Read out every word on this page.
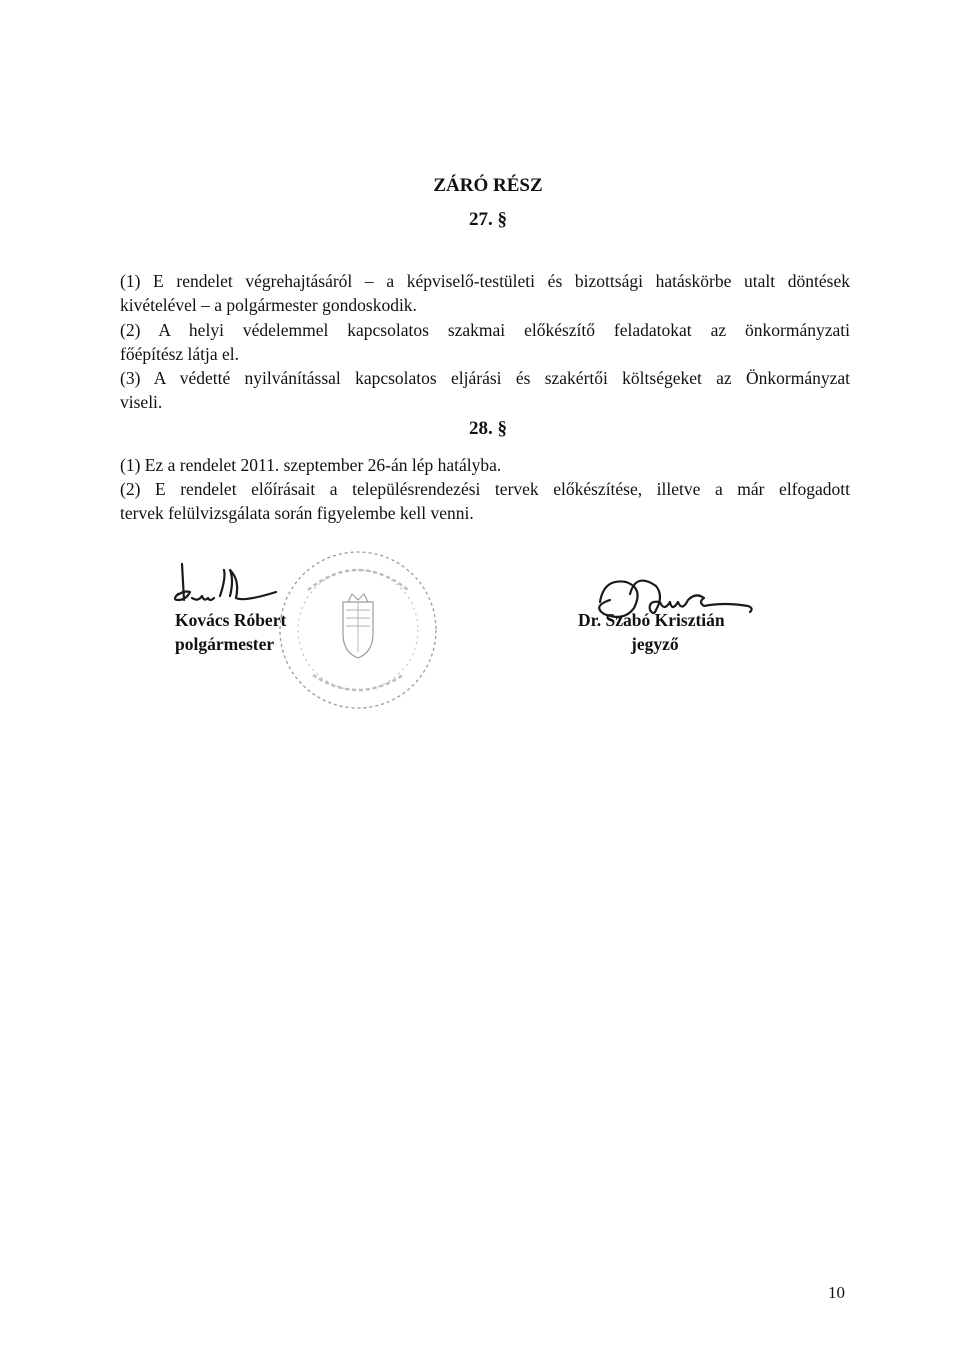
ZÁRÓ RÉSZ
27. §
(1) E rendelet végrehajtásáról – a képviselő-testületi és bizottsági hatáskörbe utalt döntések
kivételével – a polgármester gondoskodik.
(2) A helyi védelemmel kapcsolatos szakmai előkészítő feladatokat az önkormányzati
főépítész látja el.
(3) A védetté nyilvánítással kapcsolatos eljárási és szakértői költségeket az Önkormányzat
viseli.
28. §
(1) Ez a rendelet 2011. szeptember 26-án lép hatályba.
(2) E rendelet előírásait a településrendezési tervek előkészítése, illetve a már elfogadott
tervek felülvizsgálata során figyelembe kell venni.
Kovács Róbert
polgármester
Dr. Szabó Krisztián
jegyző
10
